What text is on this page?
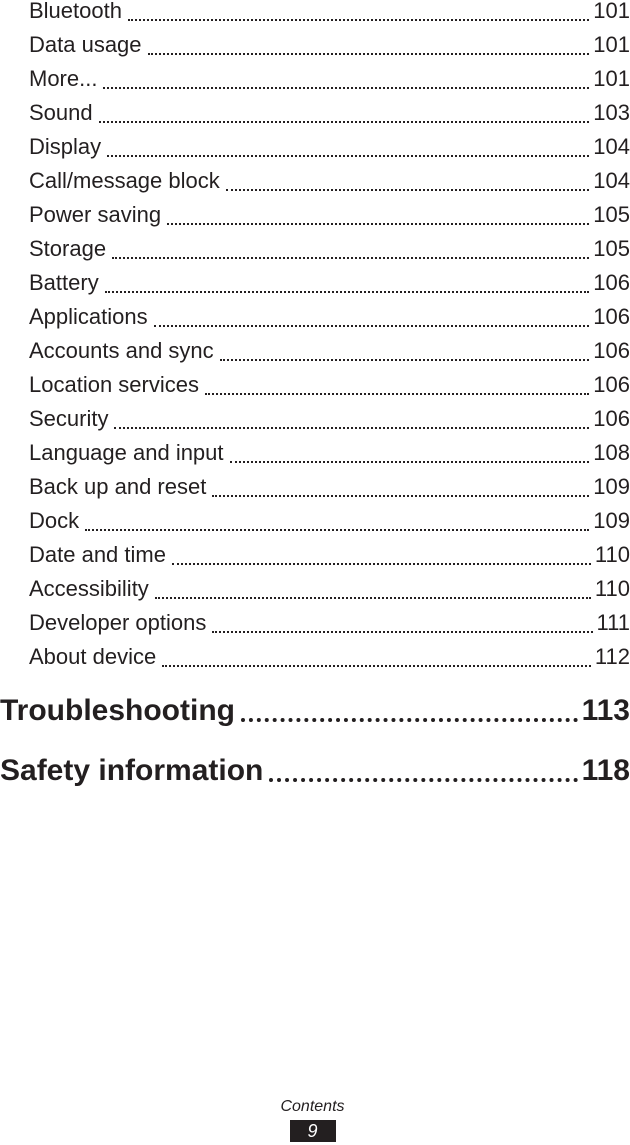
Bluetooth	101
Data usage	101
More...	101
Sound	103
Display	104
Call/message block	104
Power saving	105
Storage	105
Battery	106
Applications	106
Accounts and sync	106
Location services	106
Security	106
Language and input	108
Back up and reset	109
Dock	109
Date and time	110
Accessibility	110
Developer options	111
About device	112
Troubleshooting	113
Safety information	118
Contents
9
